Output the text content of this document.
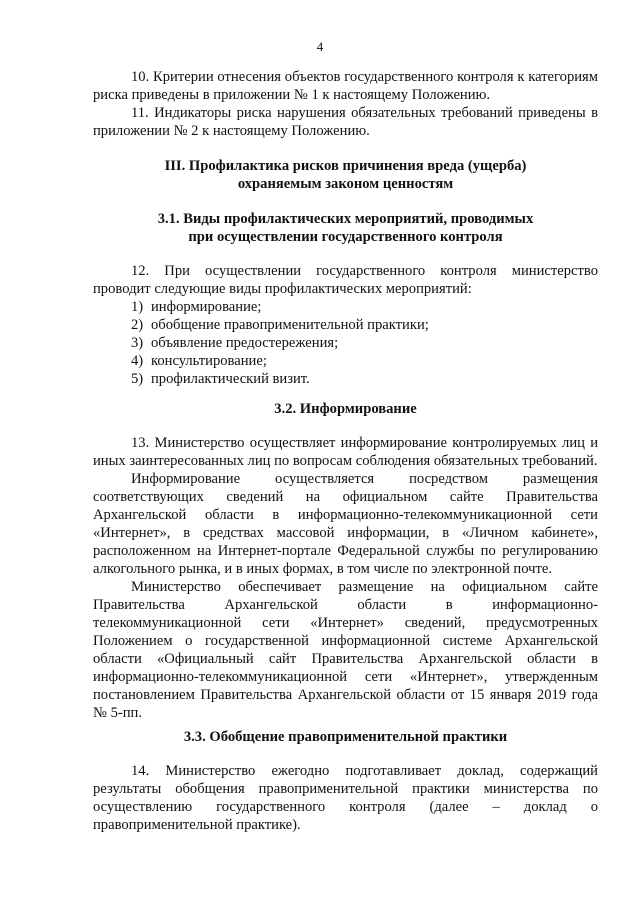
4

10. Критерии отнесения объектов государственного контроля к категориям риска приведены в приложении № 1 к настоящему Положению.

11. Индикаторы риска нарушения обязательных требований приведены в приложении № 2 к настоящему Положению.

III. Профилактика рисков причинения вреда (ущерба)

охраняемым законом ценностям

3.1. Виды профилактических мероприятий, проводимых

при осуществлении государственного контроля

12. При осуществлении государственного контроля министерство проводит следующие виды профилактических мероприятий:

1) информирование;

2) обобщение правоприменительной практики;

3) объявление предостережения;

4) консультирование;

5) профилактический визит.

3.2. Информирование

13. Министерство осуществляет информирование контролируемых лиц и иных заинтересованных лиц по вопросам соблюдения обязательных требований.

Информирование осуществляется посредством размещения соответствующих сведений на официальном сайте Правительства Архангельской области в информационно-телекоммуникационной сети «Интернет», в средствах массовой информации, в «Личном кабинете», расположенном на Интернет-портале Федеральной службы по регулированию алкогольного рынка, и в иных формах, в том числе по электронной почте.

Министерство обеспечивает размещение на официальном сайте Правительства Архангельской области в информационно-телекоммуникационной сети «Интернет» сведений, предусмотренных Положением о государственной информационной системе Архангельской области «Официальный сайт Правительства Архангельской области в информационно-телекоммуникационной сети «Интернет», утвержденным постановлением Правительства Архангельской области от 15 января 2019 года № 5-пп.

3.3. Обобщение правоприменительной практики

14. Министерство ежегодно подготавливает доклад, содержащий результаты обобщения правоприменительной практики министерства по осуществлению государственного контроля (далее – доклад о правоприменительной практике).
